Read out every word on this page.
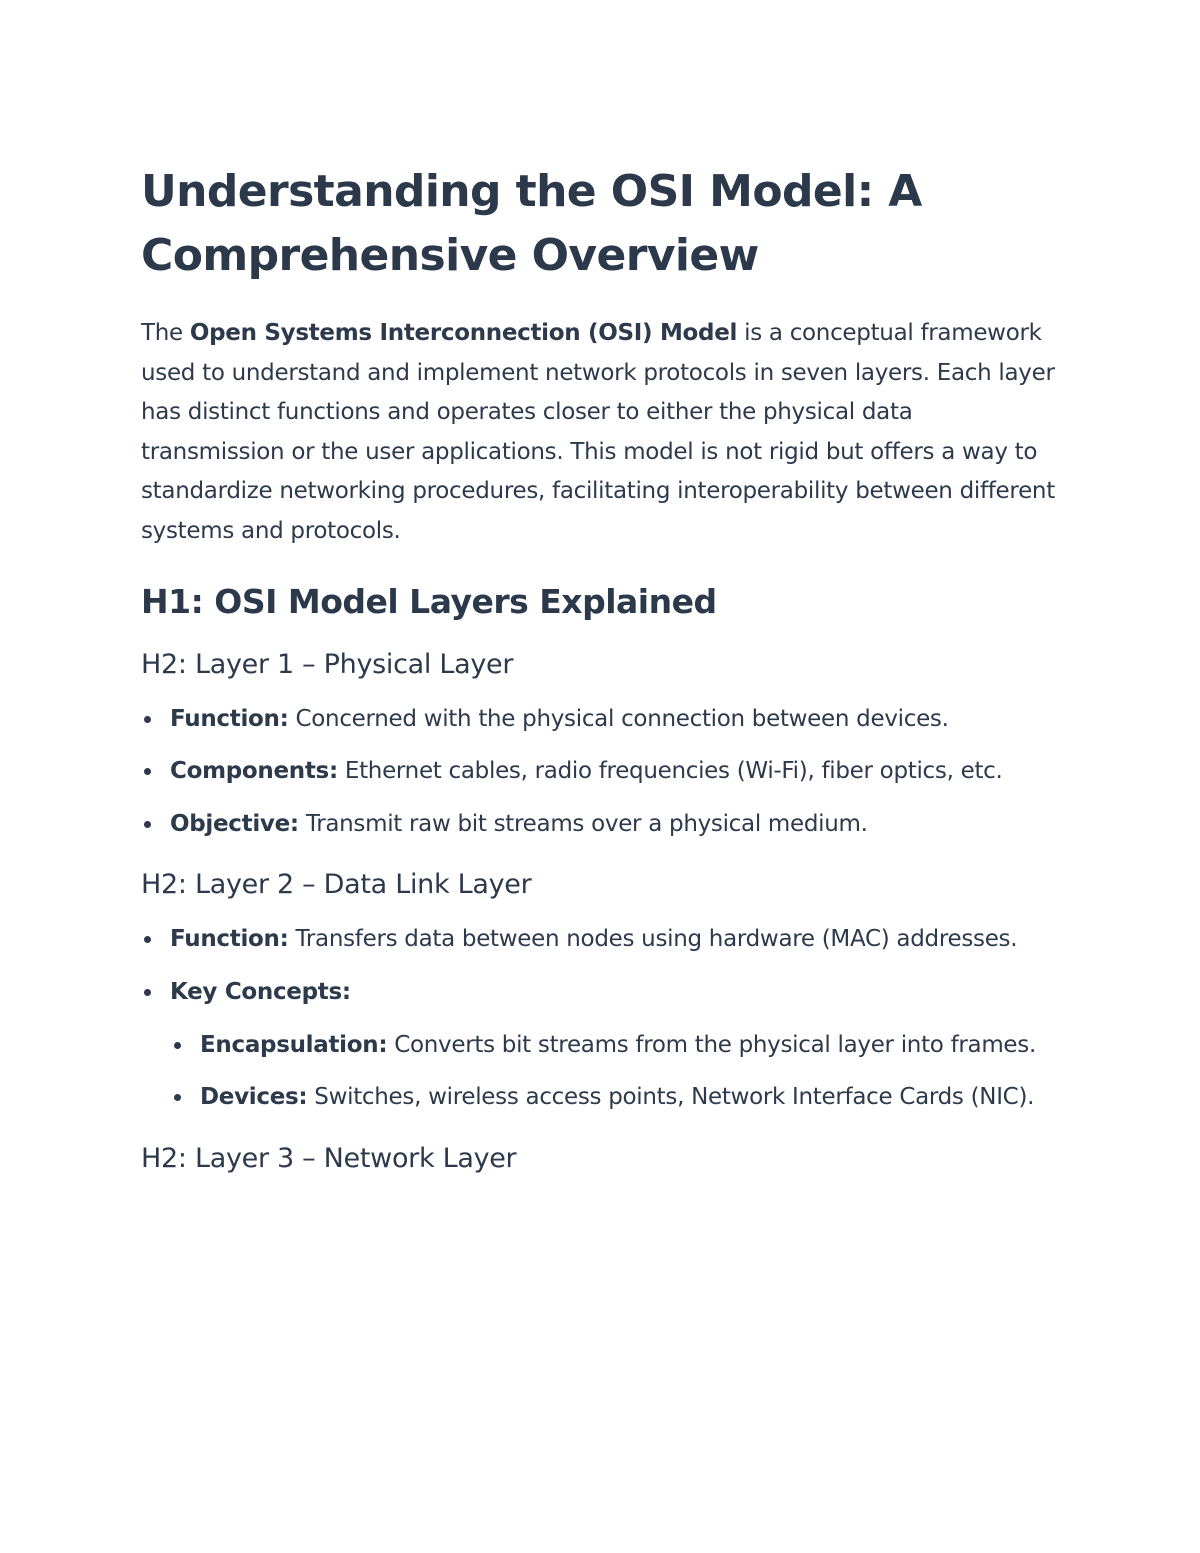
Understanding the OSI Model: A Comprehensive Overview

The Open Systems Interconnection (OSI) Model is a conceptual framework used to understand and implement network protocols in seven layers. Each layer has distinct functions and operates closer to either the physical data transmission or the user applications. This model is not rigid but offers a way to standardize networking procedures, facilitating interoperability between different systems and protocols.

H1: OSI Model Layers Explained
H2: Layer 1 – Physical Layer
Function: Concerned with the physical connection between devices.
Components: Ethernet cables, radio frequencies (Wi-Fi), fiber optics, etc.
Objective: Transmit raw bit streams over a physical medium.
H2: Layer 2 – Data Link Layer
Function: Transfers data between nodes using hardware (MAC) addresses.
Key Concepts:
Encapsulation: Converts bit streams from the physical layer into frames.
Devices: Switches, wireless access points, Network Interface Cards (NIC).
H2: Layer 3 – Network Layer
